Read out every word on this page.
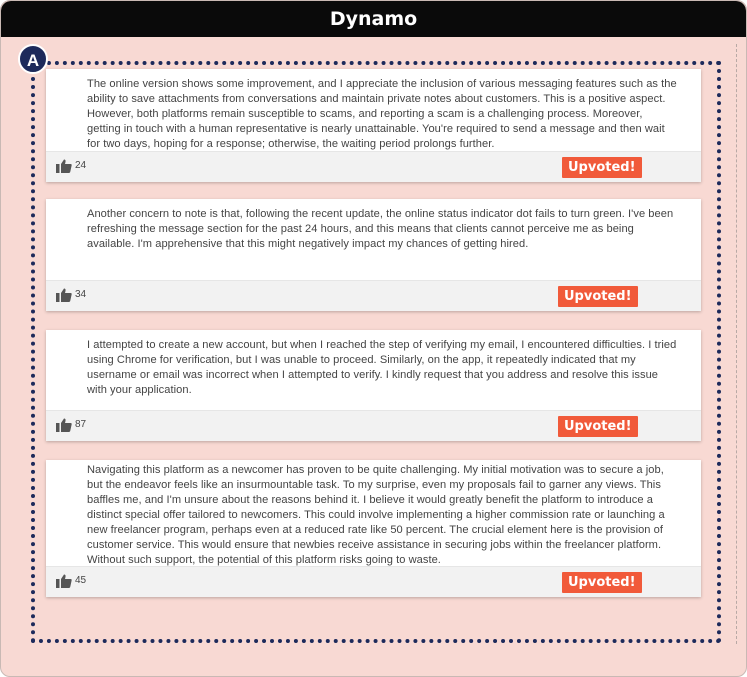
Dynamo
A
The online version shows some improvement, and I appreciate the inclusion of various messaging features such as the ability to save attachments from conversations and maintain private notes about customers. This is a positive aspect. However, both platforms remain susceptible to scams, and reporting a scam is a challenging process. Moreover, getting in touch with a human representative is nearly unattainable. You're required to send a message and then wait for two days, hoping for a response; otherwise, the waiting period prolongs further.
24	Upvoted!
Another concern to note is that, following the recent update, the online status indicator dot fails to turn green. I've been refreshing the message section for the past 24 hours, and this means that clients cannot perceive me as being available. I'm apprehensive that this might negatively impact my chances of getting hired.
34	Upvoted!
I attempted to create a new account, but when I reached the step of verifying my email, I encountered difficulties. I tried using Chrome for verification, but I was unable to proceed. Similarly, on the app, it repeatedly indicated that my username or email was incorrect when I attempted to verify. I kindly request that you address and resolve this issue with your application.
87	Upvoted!
Navigating this platform as a newcomer has proven to be quite challenging. My initial motivation was to secure a job, but the endeavor feels like an insurmountable task. To my surprise, even my proposals fail to garner any views. This baffles me, and I'm unsure about the reasons behind it. I believe it would greatly benefit the platform to introduce a distinct special offer tailored to newcomers. This could involve implementing a higher commission rate or launching a new freelancer program, perhaps even at a reduced rate like 50 percent. The crucial element here is the provision of customer service. This would ensure that newbies receive assistance in securing jobs within the freelancer platform. Without such support, the potential of this platform risks going to waste.
45	Upvoted!
